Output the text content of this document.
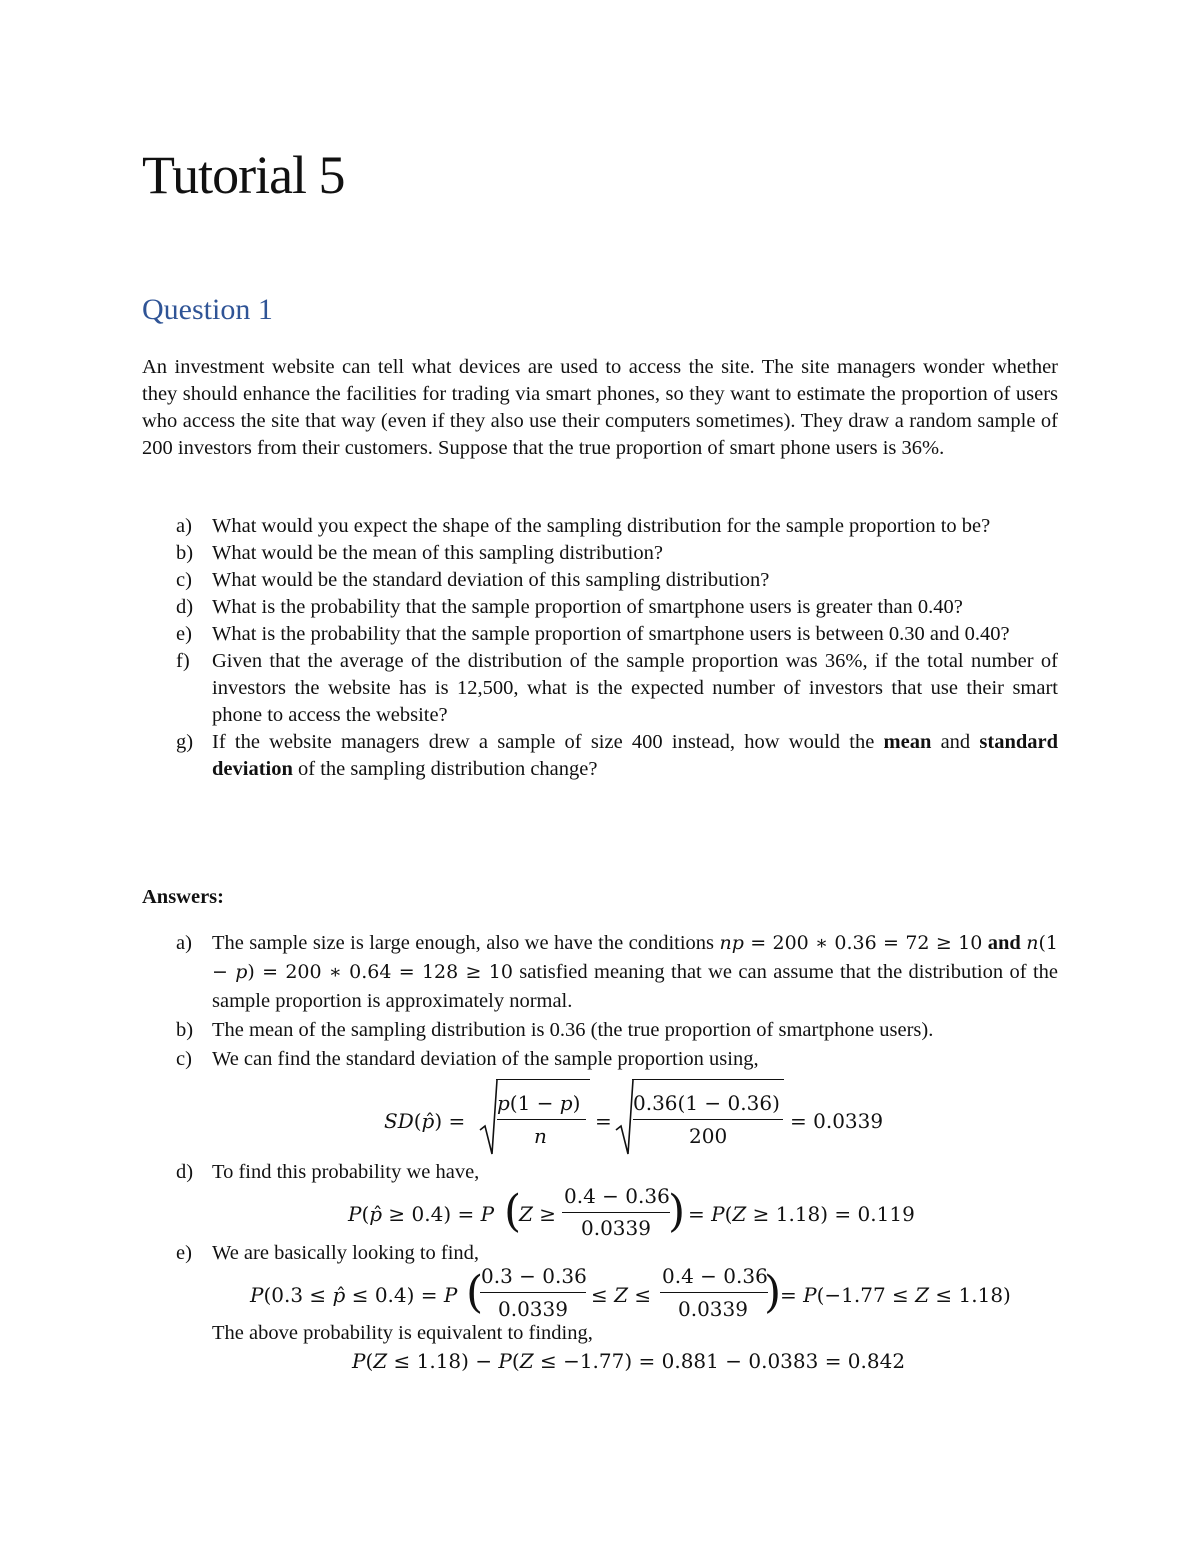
Tutorial 5
Question 1

An investment website can tell what devices are used to access the site. The site managers wonder whether they should enhance the facilities for trading via smart phones, so they want to estimate the proportion of users who access the site that way (even if they also use their computers sometimes). They draw a random sample of 200 investors from their customers. Suppose that the true proportion of smart phone users is 36%.

a) What would you expect the shape of the sampling distribution for the sample proportion to be?
b) What would be the mean of this sampling distribution?
c) What would be the standard deviation of this sampling distribution?
d) What is the probability that the sample proportion of smartphone users is greater than 0.40?
e) What is the probability that the sample proportion of smartphone users is between 0.30 and 0.40?
f) Given that the average of the distribution of the sample proportion was 36%, if the total number of investors the website has is 12,500, what is the expected number of investors that use their smart phone to access the website?
g) If the website managers drew a sample of size 400 instead, how would the mean and standard deviation of the sampling distribution change?

Answers:

a) The sample size is large enough, also we have the conditions 𝑛𝑝 = 200 ∗ 0.36 = 72 ≥ 10 and 𝑛(1 − 𝑝) = 200 ∗ 0.64 = 128 ≥ 10 satisfied meaning that we can assume that the distribution of the sample proportion is approximately normal.
b) The mean of the sampling distribution is 0.36 (the true proportion of smartphone users).
c) We can find the standard deviation of the sample proportion using,
𝑆𝐷(𝑝̂) =
𝑝(1 − 𝑝)
𝑛
=
0.36(1 − 0.36)
200
= 0.0339
d) To find this probability we have,
𝑃(𝑝̂ ≥ 0.4) = 𝑃 (
𝑍 ≥
0.4 − 0.36
0.0339 ) = 𝑃(𝑍 ≥ 1.18) = 0.119
e) We are basically looking to find,
𝑃(0.3 ≤ 𝑝̂ ≤ 0.4) = 𝑃 (
0.3 − 0.36
0.0339
≤ 𝑍 ≤
0.4 − 0.36
0.0339 )
= 𝑃(−1.77 ≤ 𝑍 ≤ 1.18)
The above probability is equivalent to finding,
𝑃(𝑍 ≤ 1.18) − 𝑃(𝑍 ≤ −1.77) = 0.881 − 0.0383 = 0.842
